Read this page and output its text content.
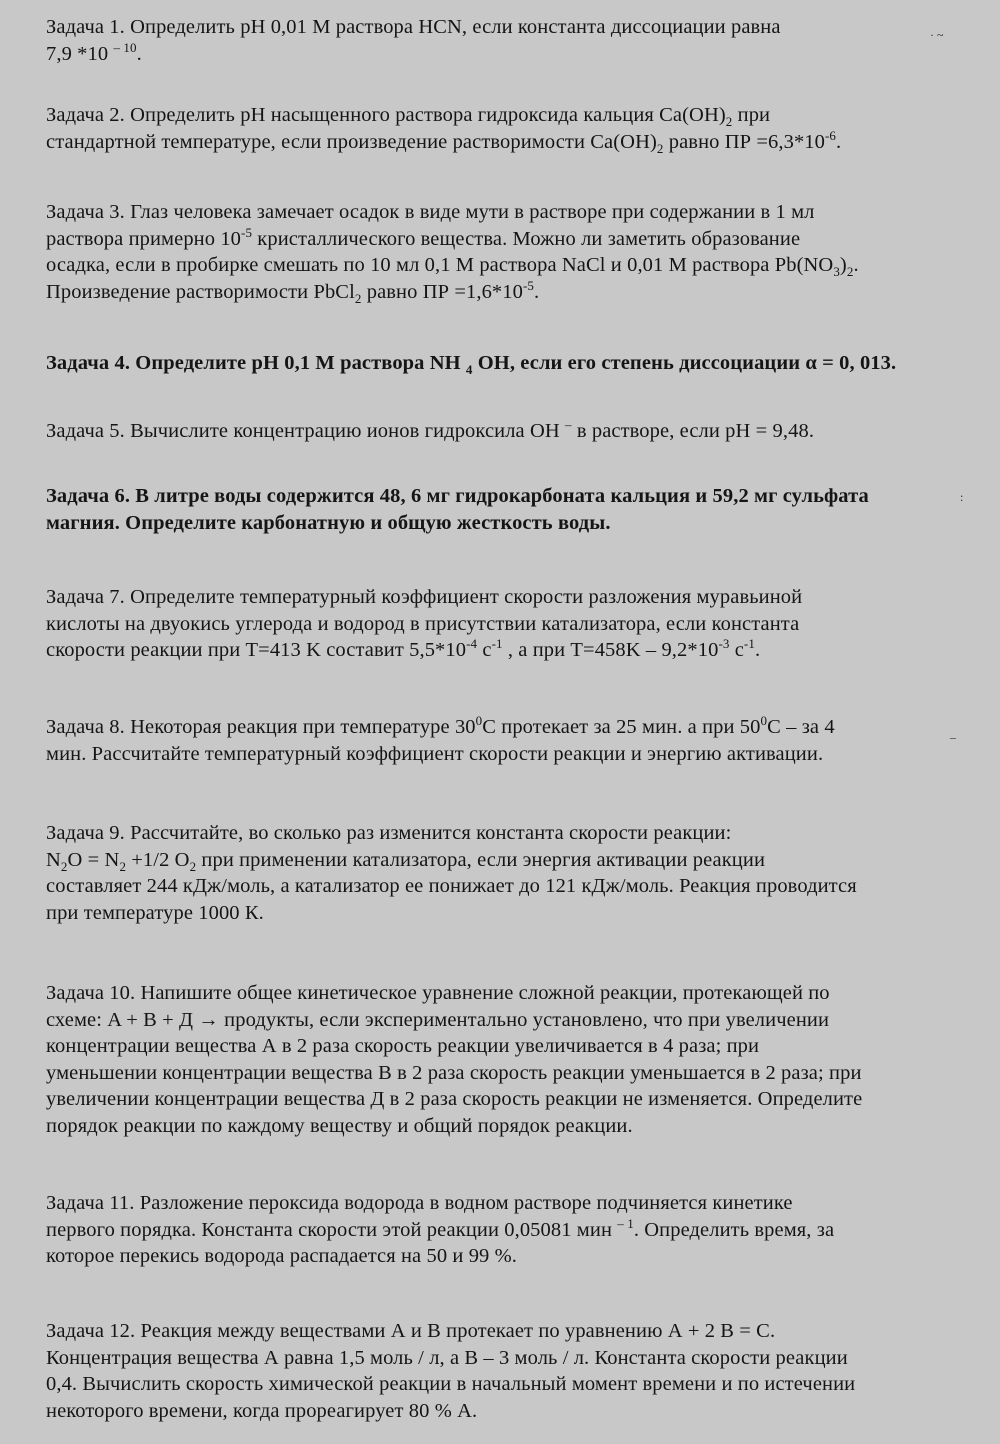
Задача 1. Определить pH 0,01 М раствора HCN, если константа диссоциации равна
7,9 *10 $^{- 10}$.
Задача 2. Определить pH насыщенного раствора гидроксида кальция $Ca(OH)_2$ при
стандартной температуре, если произведение растворимости $Ca(OH)_2$ равно ПР $=6,3*10^{-6}$.
Задача 3. Глаз человека замечает осадок в виде мути в растворе при содержании в 1 мл
раствора примерно $10^{-5}$ кристаллического вещества. Можно ли заметить образование
осадка, если в пробирке смешать по 10 мл 0,1 М раствора NaCl и 0,01 М раствора $Pb(NO_3)_2$.
Произведение растворимости PbCl$_2$ равно ПР $=1,6*10^{-5}$.
Задача 4. Определите pH 0,1 М раствора NH $_4$ OH, если его степень диссоциации α = 0, 013.
Задача 5. Вычислите концентрацию ионов гидроксила OH – в растворе, если pH = 9,48.
Задача 6. В литре воды содержится 48, 6 мг гидрокарбоната кальция и 59,2 мг сульфата
магния. Определите карбонатную и общую жесткость воды.
Задача 7. Определите температурный коэффициент скорости разложения муравьиной
кислоты на двуокись углерода и водород в присутствии катализатора, если константа
скорости реакции при T=413 K составит $5,5*10^{-4}$ $с^{-1}$ , а при $T=458K - 9,2*10^{-3}$ $с^{-1}$.
Задача 8. Некоторая реакция при температуре $30^0C$ протекает за 25 мин. а при $50^0C$ – за 4
мин. Рассчитайте температурный коэффициент скорости реакции и энергию активации.
Задача 9. Рассчитайте, во сколько раз изменится константа скорости реакции:
$N_2O = N_2 +1/2$ $O_2$ при применении катализатора, если энергия активации реакции
составляет 244 кДж/моль, а катализатор ее понижает до 121 кДж/моль. Реакция проводится
при температуре 1000 К.
Задача 10. Напишите общее кинетическое уравнение сложной реакции, протекающей по
схеме: A + B + Д → продукты, если экспериментально установлено, что при увеличении
концентрации вещества А в 2 раза скорость реакции увеличивается в 4 раза; при
уменьшении концентрации вещества В в 2 раза скорость реакции уменьшается в 2 раза; при
увеличении концентрации вещества Д в 2 раза скорость реакции не изменяется. Определите
порядок реакции по каждому веществу и общий порядок реакции.
Задача 11. Разложение пероксида водорода в водном растворе подчиняется кинетике
первого порядка. Константа скорости этой реакции 0,05081 мин $^{- 1}$. Определить время, за
которое перекись водорода распадается на 50 и 99 %.
Задача 12. Реакция между веществами А и В протекает по уравнению А + 2 В = С.
Концентрация вещества А равна 1,5 моль / л, а В – 3 моль / л. Константа скорости реакции
0,4. Вычислить скорость химической реакции в начальный момент времени и по истечении
некоторого времени, когда прореагирует 80 % А.
· ~
:
–
